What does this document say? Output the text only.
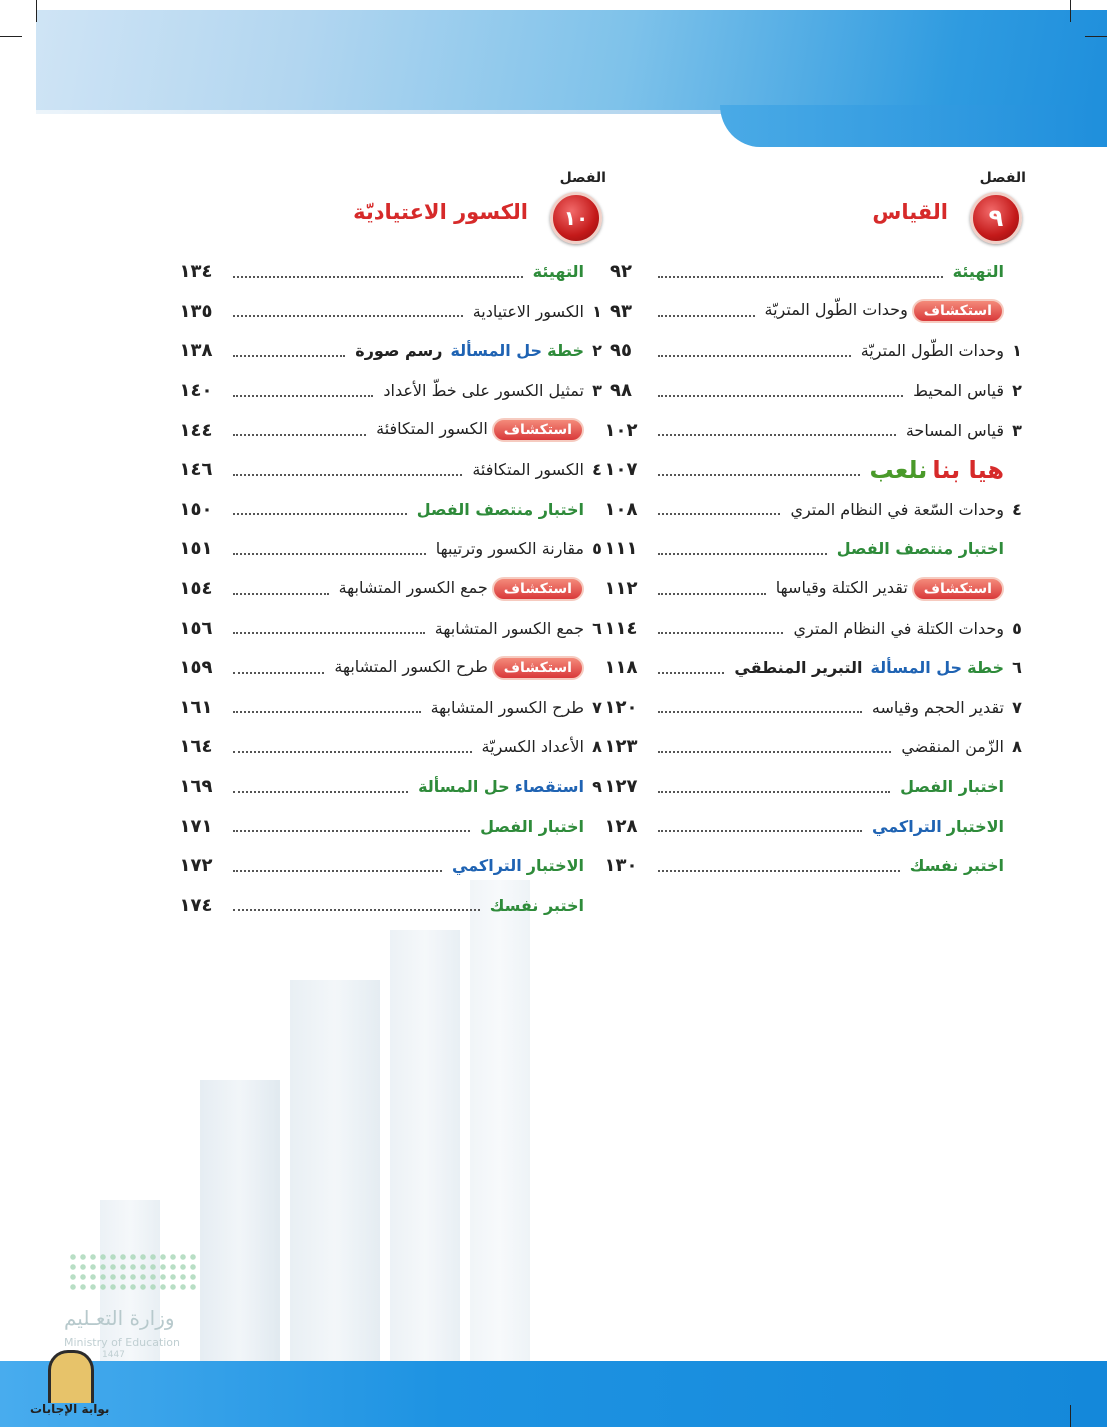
الفصل
٩
القياس
التهيئة
٩٢
استكشافوحدات الطّول المتريّة
٩٣
١
وحدات الطّول المتريّة
٩٥
٢
قياس المحيط
٩٨
٣
قياس المساحة
١٠٢
هيا بنا نلعب
١٠٧
٤
وحدات السّعة في النظام المتري
١٠٨
اختبار منتصف الفصل
١١١
استكشافتقدير الكتلة وقياسها
١١٢
٥
وحدات الكتلة في النظام المتري
١١٤
٦
خطة حل المسألةالتبرير المنطقي
١١٨
٧
تقدير الحجم وقياسه
١٢٠
٨
الزّمن المنقضي
١٢٣
اختبار الفصل
١٢٧
الاختبار التراكمي
١٢٨
اختبر نفسك
١٣٠
الفصل
١٠
الكسور الاعتياديّة
التهيئة
١٣٤
١
الكسور الاعتيادية
١٣٥
٢
خطة حل المسألةرسم صورة
١٣٨
٣
تمثيل الكسور على خطّ الأعداد
١٤٠
استكشافالكسور المتكافئة
١٤٤
٤
الكسور المتكافئة
١٤٦
اختبار منتصف الفصل
١٥٠
٥
مقارنة الكسور وترتيبها
١٥١
استكشافجمع الكسور المتشابهة
١٥٤
٦
جمع الكسور المتشابهة
١٥٦
استكشافطرح الكسور المتشابهة
١٥٩
٧
طرح الكسور المتشابهة
١٦١
٨
الأعداد الكسريّة
١٦٤
٩
استقصاء حل المسألة
١٦٩
اختبار الفصل
١٧١
الاختبار التراكمي
١٧٢
اختبر نفسك
١٧٤
وزارة التعـليم
Ministry of Education
1447
بوابة الإجابات
